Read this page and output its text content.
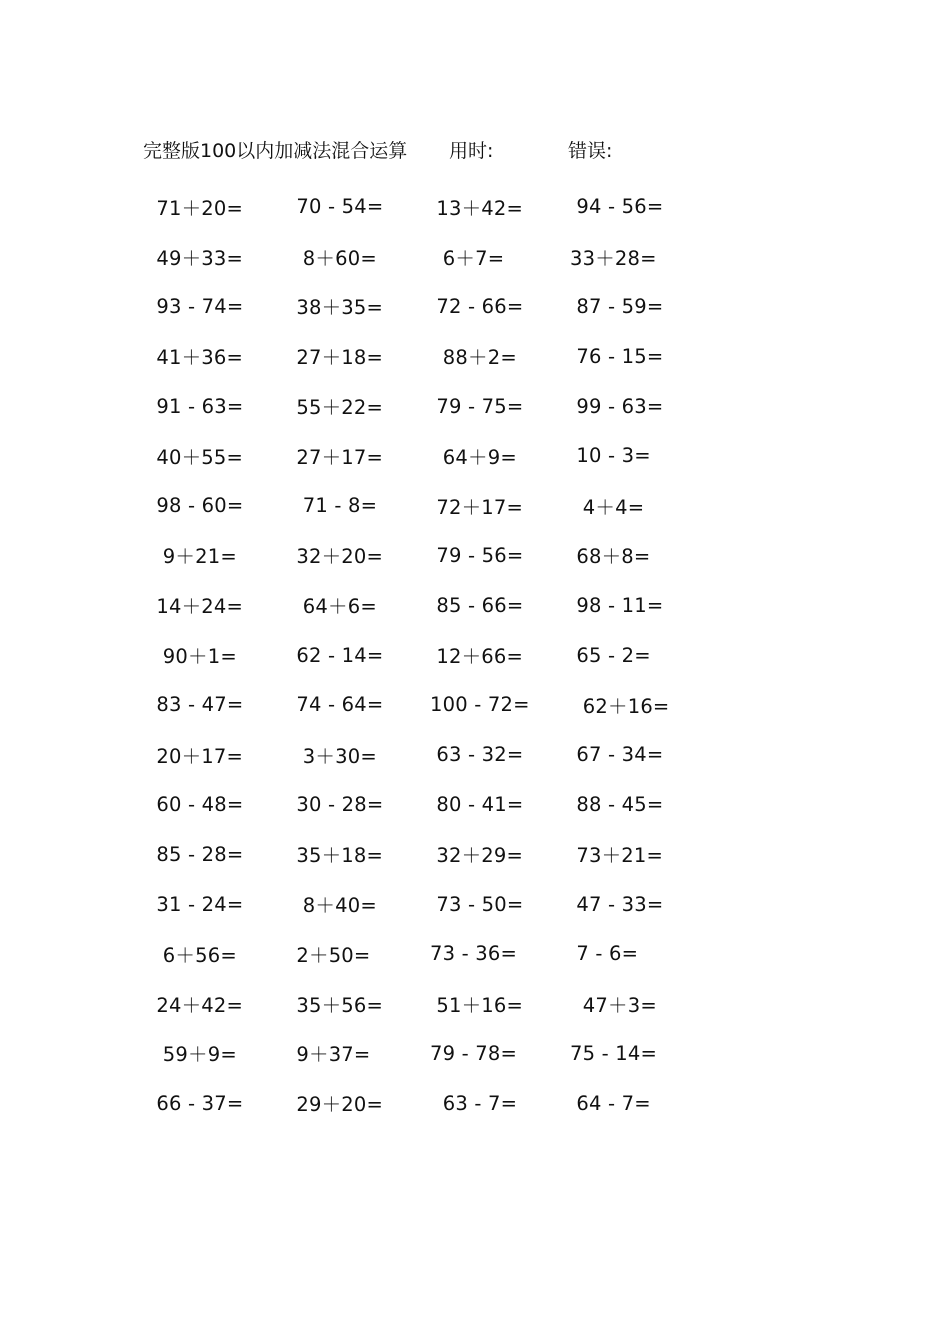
完整版100以内加减法混合运算 用时:	错误:
71＋20=	70 - 54=	13＋42=	94 - 56=
49＋33=	8＋60=	6＋7=	33＋28=
93 - 74=	38＋35=	72 - 66=	87 - 59=
41＋36=	27＋18=	88＋2=	76 - 15=
91 - 63=	55＋22=	79 - 75=	99 - 63=
40＋55=	27＋17=	64＋9=	10 - 3=
98 - 60=	71 - 8=	72＋17=	4＋4=
9＋21=	32＋20=	79 - 56=	68＋8=
14＋24=	64＋6=	85 - 66=	98 - 11=
90＋1=	62 - 14=	12＋66=	65 - 2=
83 - 47=	74 - 64=	100 - 72=	62＋16=
20＋17=	3＋30=	63 - 32=	67 - 34=
60 - 48=	30 - 28=	80 - 41=	88 - 45=
85 - 28=	35＋18=	32＋29=	73＋21=
31 - 24=	8＋40=	73 - 50=	47 - 33=
6＋56=	2＋50=	73 - 36=	7 - 6=
24＋42=	35＋56=	51＋16=	47＋3=
59＋9=	9＋37=	79 - 78=	75 - 14=
66 - 37=	29＋20=	63 - 7=	64 - 7=
